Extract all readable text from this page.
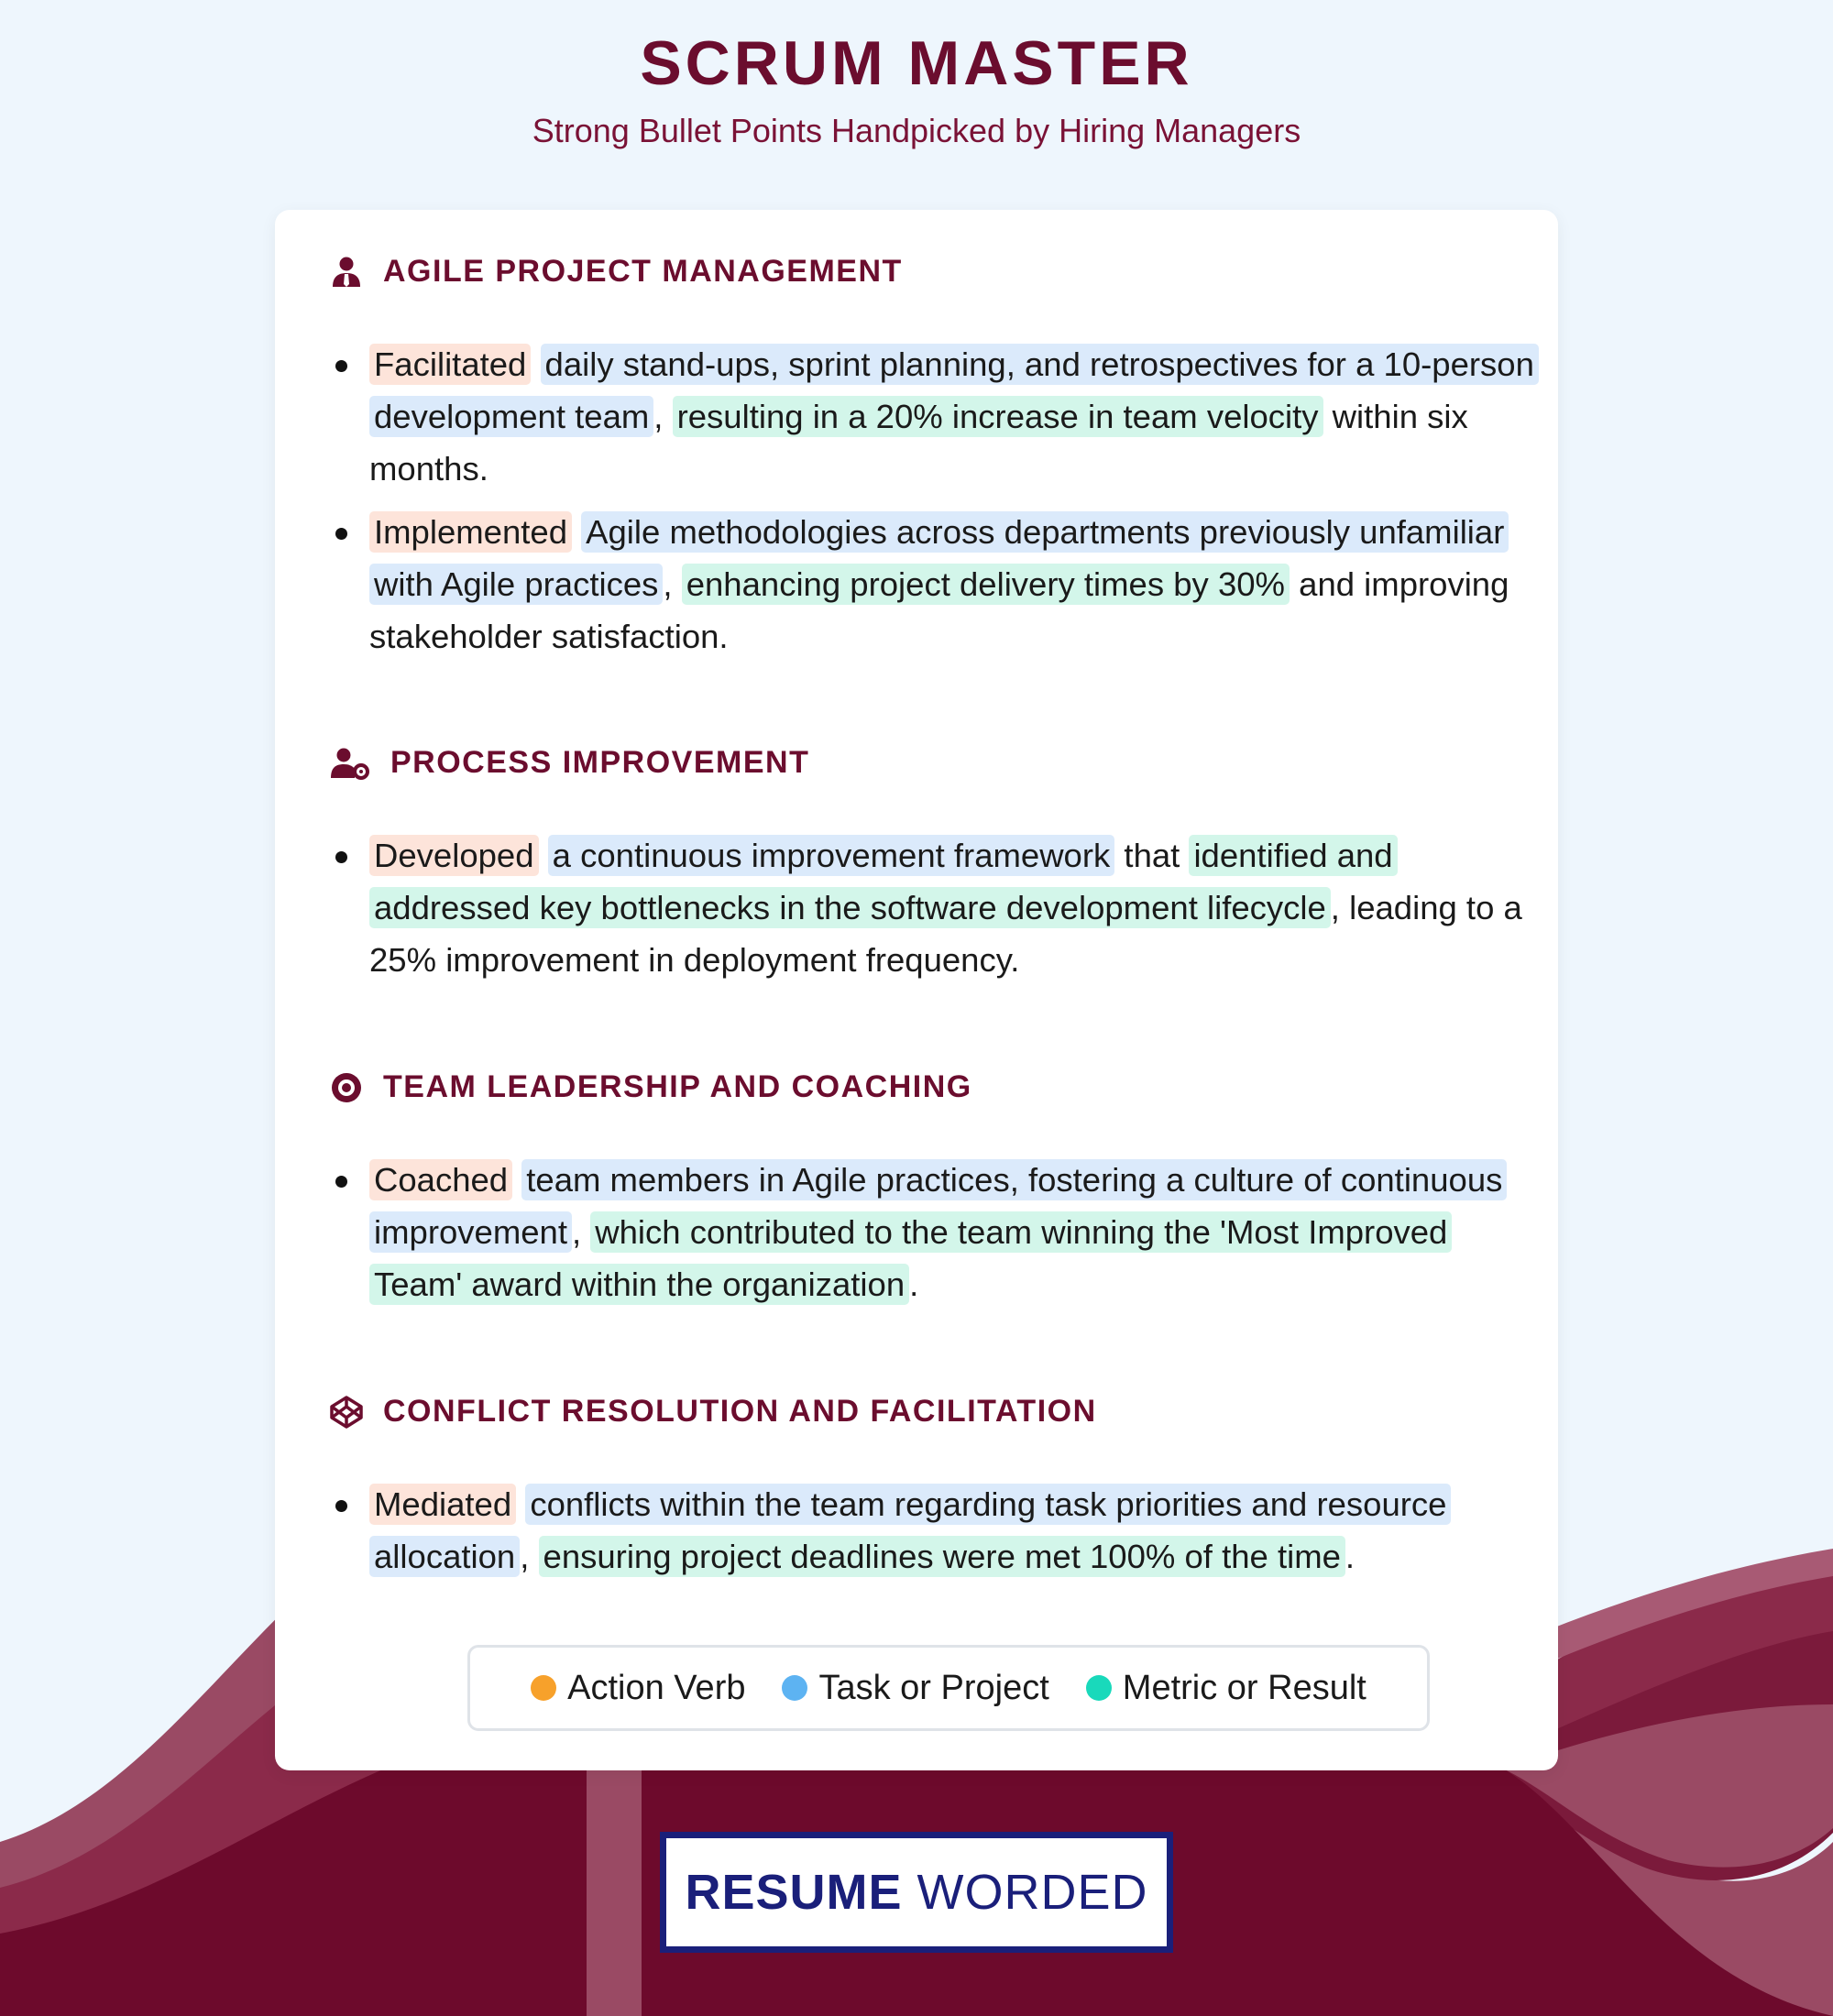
SCRUM MASTER
Strong Bullet Points Handpicked by Hiring Managers
AGILE PROJECT MANAGEMENT
Facilitated daily stand-ups, sprint planning, and retrospectives for a 10-person development team , resulting in a 20% increase in team velocity within six months.
Implemented Agile methodologies across departments previously unfamiliar with Agile practices , enhancing project delivery times by 30% and improving stakeholder satisfaction.
PROCESS IMPROVEMENT
Developed a continuous improvement framework that identified and addressed key bottlenecks in the software development lifecycle , leading to a 25% improvement in deployment frequency.
TEAM LEADERSHIP AND COACHING
Coached team members in Agile practices, fostering a culture of continuous improvement , which contributed to the team winning the 'Most Improved Team' award within the organization .
CONFLICT RESOLUTION AND FACILITATION
Mediated conflicts within the team regarding task priorities and resource allocation , ensuring project deadlines were met 100% of the time .
Action Verb Task or Project Metric or Result
RESUME WORDED
